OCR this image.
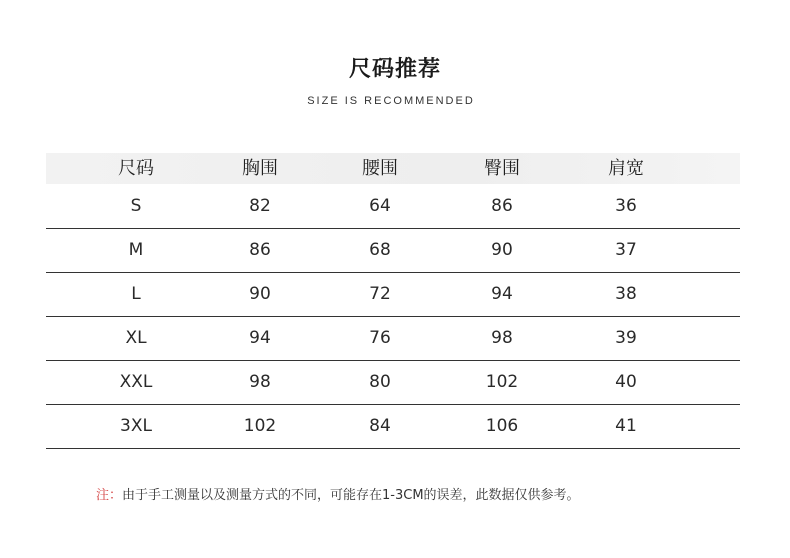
尺码推荐
SIZE IS RECOMMENDED
尺码	胸围	腰围	臀围	肩宽
S	82	64	86	36
M	86	68	90	37
L	90	72	94	38
XL	94	76	98	39
XXL	98	80	102	40
3XL	102	84	106	41
注：由于手工测量以及测量方式的不同，可能存在1-3CM的误差，此数据仅供参考。
